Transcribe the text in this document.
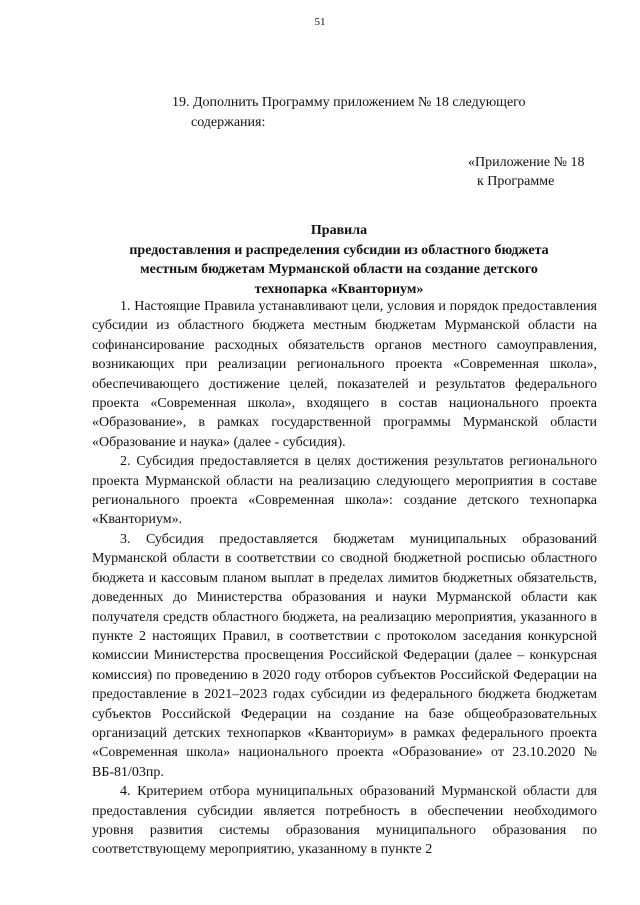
51
19. Дополнить Программу приложением № 18 следующего
содержания:
«Приложение № 18
к Программе
Правила
предоставления и распределения субсидии из областного бюджета
местным бюджетам Мурманской области на создание детского
технопарка «Кванториум»

1. Настоящие Правила устанавливают цели, условия и порядок предоставления субсидии из областного бюджета местным бюджетам Мурманской области на софинансирование расходных обязательств органов местного самоуправления, возникающих при реализации регионального проекта «Современная школа», обеспечивающего достижение целей, показателей и результатов федерального проекта «Современная школа», входящего в состав национального проекта «Образование», в рамках государственной программы Мурманской области «Образование и наука» (далее - субсидия).

2. Субсидия предоставляется в целях достижения результатов регионального проекта Мурманской области на реализацию следующего мероприятия в составе регионального проекта «Современная школа»: создание детского технопарка «Кванториум».

3. Субсидия предоставляется бюджетам муниципальных образований Мурманской области в соответствии со сводной бюджетной росписью областного бюджета и кассовым планом выплат в пределах лимитов бюджетных обязательств, доведенных до Министерства образования и науки Мурманской области как получателя средств областного бюджета, на реализацию мероприятия, указанного в пункте 2 настоящих Правил, в соответствии с протоколом заседания конкурсной комиссии Министерства просвещения Российской Федерации (далее – конкурсная комиссия) по проведению в 2020 году отборов субъектов Российской Федерации на предоставление в 2021–2023 годах субсидии из федерального бюджета бюджетам субъектов Российской Федерации на создание на базе общеобразовательных организаций детских технопарков «Кванториум» в рамках федерального проекта «Современная школа» национального проекта «Образование» от 23.10.2020 № ВБ-81/03пр.

4. Критерием отбора муниципальных образований Мурманской области для предоставления субсидии является потребность в обеспечении необходимого уровня развития системы образования муниципального образования по соответствующему мероприятию, указанному в пункте 2
